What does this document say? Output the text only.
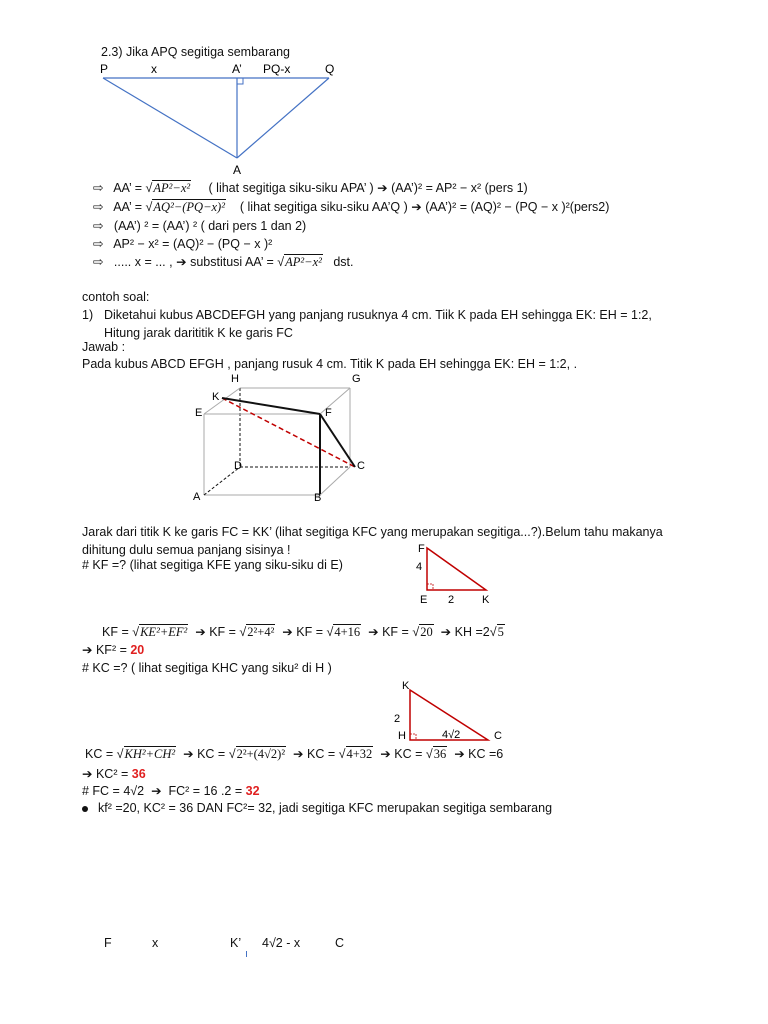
2.3) Jika APQ segitiga sembarang
P	x	A’ PQ-x	Q
A
⇨ AA’ = √AP²−x² ( lihat segitiga siku-siku APA’ ) ➔ (AA’)² = AP² − x² (pers 1)
⇨ AA’ = √AQ²−(PQ−x)² ( lihat segitiga siku-siku AA’Q ) ➔ (AA’)² = (AQ)² − (PQ − x )²(pers2)
⇨ (AA’) ² = (AA’) ² ( dari pers 1 dan 2)
⇨ AP² − x² = (AQ)² − (PQ − x )²
⇨ ..... x = ... , ➔ substitusi AA’ = √AP²−x² dst.
contoh soal:
1) Diketahui kubus ABCDEFGH yang panjang rusuknya 4 cm. Tiik K pada EH sehingga EK: EH = 1:2,
Hitung jarak darititik K ke garis FC
Jawab :
Pada kubus ABCD EFGH , panjang rusuk 4 cm. Titik K pada EH sehingga EK: EH = 1:2, .
H	G
K
E	F
D	C
A	B
Jarak dari titik K ke garis FC = KK’ (lihat segitiga KFC yang merupakan segitiga...?).Belum tahu makanya
dihitung dulu semua panjang sisinya !
# KF =? (lihat segitiga KFE yang siku-siku di E)
F
4
E 2	K
KF = √KE²+EF² ➔ KF = √2²+4² ➔ KF = √4+16 ➔ KF = √20 ➔ KH =2√5
➔ KF² = 20
# KC =? ( lihat segitiga KHC yang siku² di H )
K
2
H	4√2	C
KC = √KH²+CH² ➔ KC = √2²+(4√2)² ➔ KC = √4+32 ➔ KC = √36 ➔ KC =6
➔ KC² = 36
# FC = 4√2 ➔ FC² = 16 .2 = 32
kf² =20, KC² = 36 DAN FC²= 32, jadi segitiga KFC merupakan segitiga sembarang
F	x	K’ 4√2 - x	C
